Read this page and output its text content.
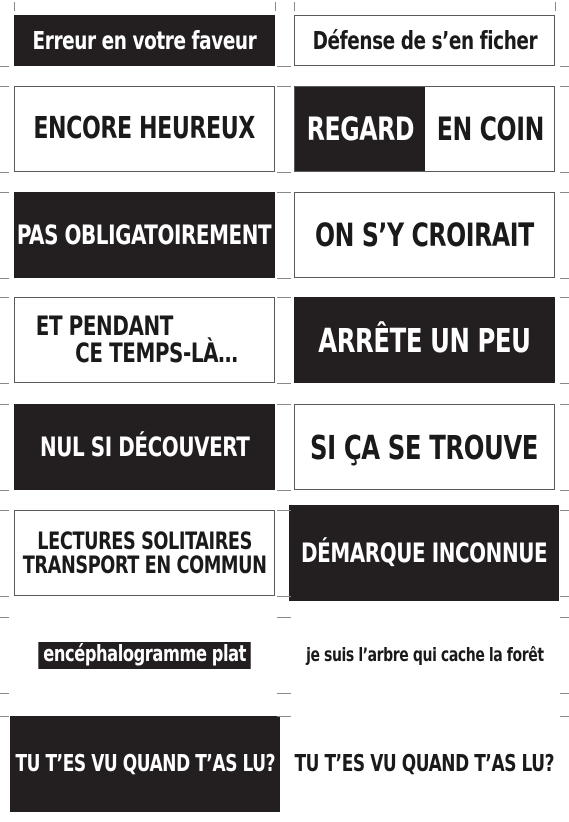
Erreur en votre faveur Défense de s’en ficher
ENCORE HEUREUX REGARD EN COIN
PAS OBLIGATOIREMENT ON S’Y CROIRAIT
ET PENDANT
CE TEMPS-LÀ… ARRÊTE UN PEU
NUL SI DÉCOUVERT SI ÇA SE TROUVE
LECTURES SOLITAIRES
TRANSPORT EN COMMUN DÉMARQUE INCONNUE
encéphalogramme plat	je suis l’arbre qui cache la forêt
TU T’ES VU QUAND T’AS LU? TU T’ES VU QUAND T’AS LU?
